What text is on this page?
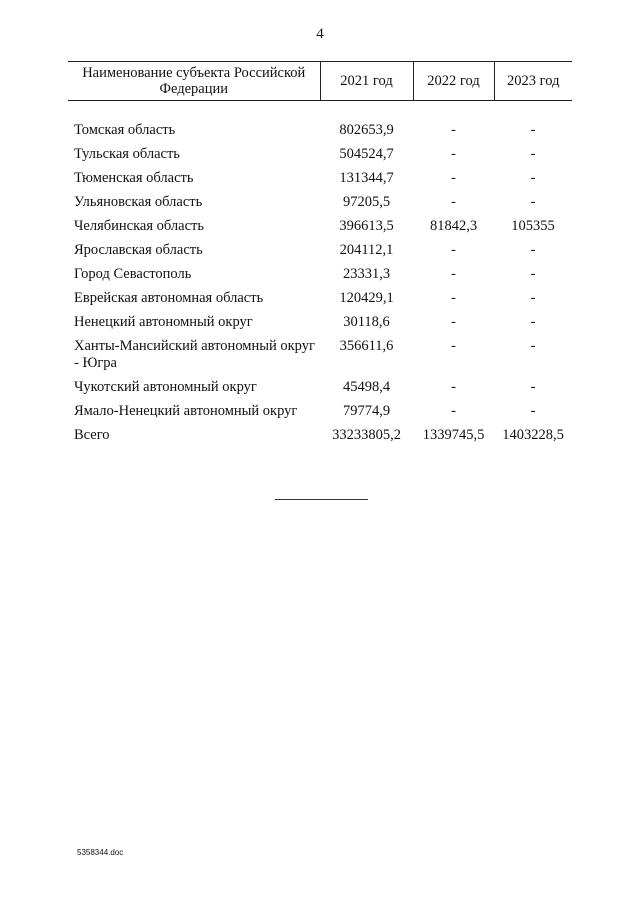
4
Наименование субъекта Российской Федерации	2021 год	2022 год	2023 год

Томская область	802653,9	-	-
Тульская область	504524,7	-	-
Тюменская область	131344,7	-	-
Ульяновская область	97205,5	-	-
Челябинская область	396613,5	81842,3	105355
Ярославская область	204112,1	-	-
Город Севастополь	23331,3	-	-
Еврейская автономная область	120429,1	-	-
Ненецкий автономный округ	30118,6	-	-
Ханты-Мансийский автономный округ - Югра	356611,6	-	-
Чукотский автономный округ	45498,4	-	-
Ямало-Ненецкий автономный округ	79774,9	-	-
Всего	33233805,2	1339745,5	1403228,5
5358344.doc
